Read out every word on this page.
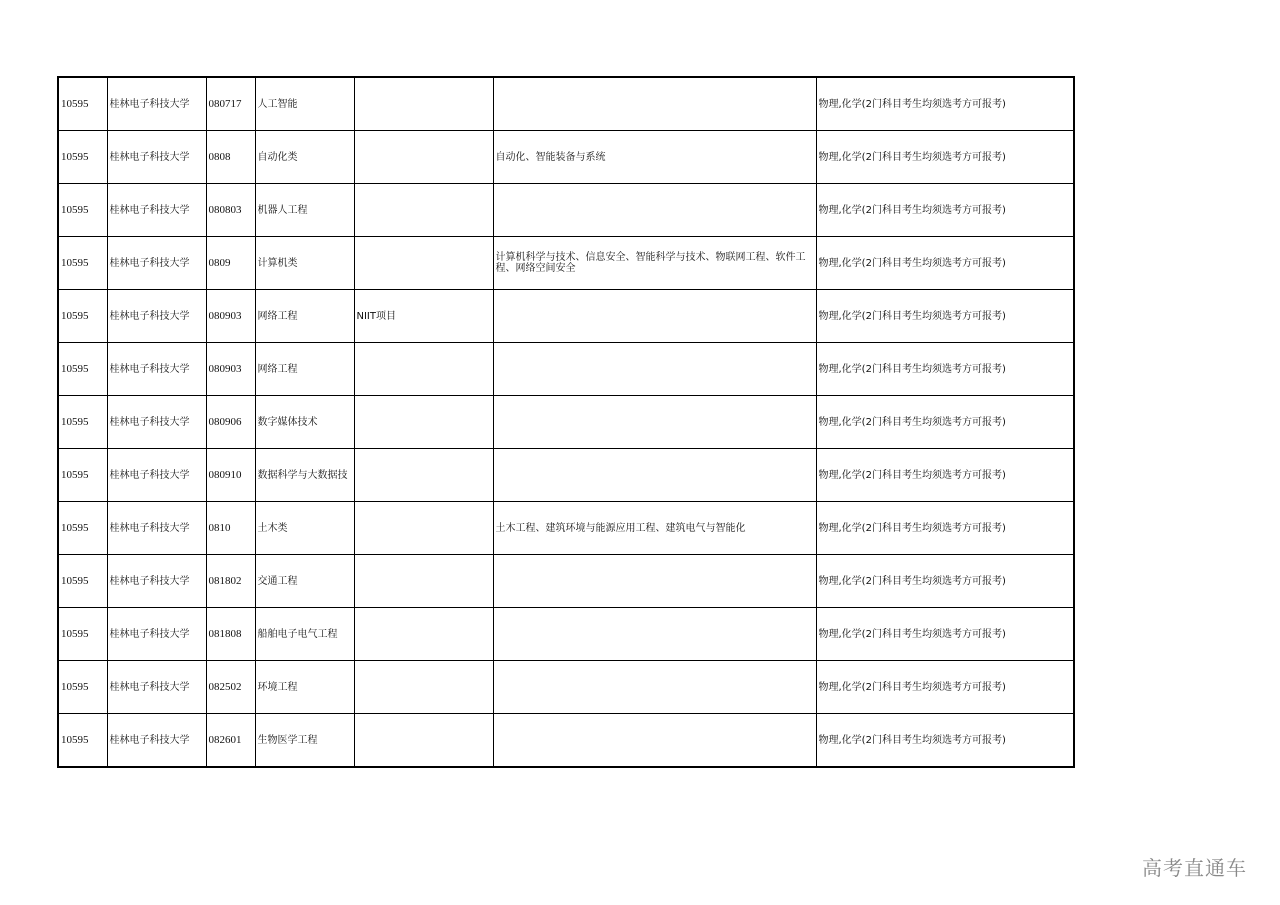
10595	桂林电子科技大学	080717	人工智能			物理,化学(2门科目考生均须选考方可报考)
10595	桂林电子科技大学	0808	自动化类		自动化、智能装备与系统	物理,化学(2门科目考生均须选考方可报考)
10595	桂林电子科技大学	080803	机器人工程			物理,化学(2门科目考生均须选考方可报考)
10595	桂林电子科技大学	0809	计算机类		计算机科学与技术、信息安全、智能科学与技术、物联网工程、软件工程、网络空间安全	物理,化学(2门科目考生均须选考方可报考)
10595	桂林电子科技大学	080903	网络工程	NIIT项目		物理,化学(2门科目考生均须选考方可报考)
10595	桂林电子科技大学	080903	网络工程			物理,化学(2门科目考生均须选考方可报考)
10595	桂林电子科技大学	080906	数字媒体技术			物理,化学(2门科目考生均须选考方可报考)
10595	桂林电子科技大学	080910	数据科学与大数据技			物理,化学(2门科目考生均须选考方可报考)
10595	桂林电子科技大学	0810	土木类		土木工程、建筑环境与能源应用工程、建筑电气与智能化	物理,化学(2门科目考生均须选考方可报考)
10595	桂林电子科技大学	081802	交通工程			物理,化学(2门科目考生均须选考方可报考)
10595	桂林电子科技大学	081808	船舶电子电气工程			物理,化学(2门科目考生均须选考方可报考)
10595	桂林电子科技大学	082502	环境工程			物理,化学(2门科目考生均须选考方可报考)
10595	桂林电子科技大学	082601	生物医学工程			物理,化学(2门科目考生均须选考方可报考)
高考直通车
